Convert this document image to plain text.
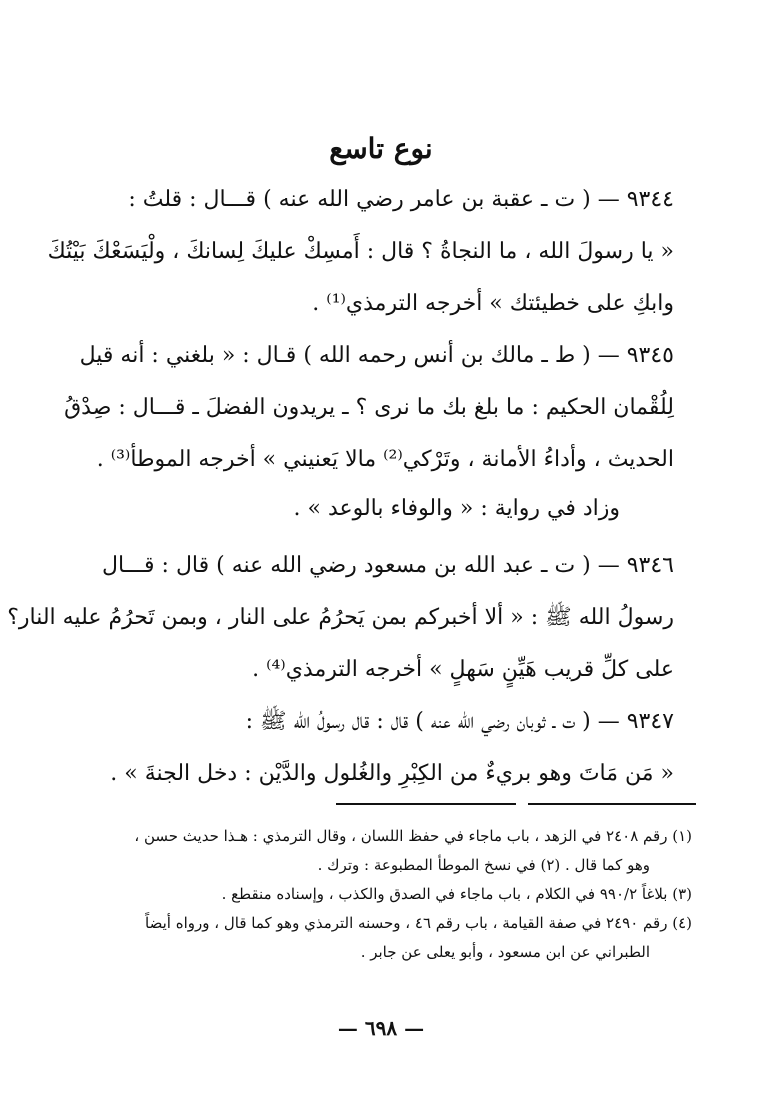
نوع تاسع
٩٣٤٤ — ( ت ـ عقبة بن عامر رضي الله عنه ) قـــال : قلتُ :
« يا رسولَ الله ، ما النجاةُ ؟ قال : أَمسِكْ عليكَ لِسانكَ ، ولْيَسَعْكَ بَيْتُكَ
وابكِ على خطيئتك » أخرجه الترمذي⁽¹⁾ .
٩٣٤٥ — ( ط ـ مالك بن أنس رحمه الله ) قـال : « بلغني : أنه قيل
لِلُقْمان الحكيم : ما بلغ بك ما نرى ؟ ـ يريدون الفضلَ ـ قـــال : صِدْقُ
الحديث ، وأداءُ الأمانة ، وتَرْكي⁽²⁾ مالا يَعنيني » أخرجه الموطأ⁽³⁾ .
وزاد في رواية : « والوفاء بالوعد » .
٩٣٤٦ — ( ت ـ عبد الله بن مسعود رضي الله عنه ) قال : قـــال
رسولُ الله ﷺ : « ألا أخبركم بمن يَحرُمُ على النار ، وبمن تَحرُمُ عليه النار؟
على كلِّ قريب هَيِّنٍ سَهلٍ » أخرجه الترمذي⁽⁴⁾ .
٩٣٤٧ — ( ت ـ ثوبان رضي الله عنه ) قال : قال رسولُ الله ﷺ :
« مَن مَاتَ وهو بريءٌ من الكِبْرِ والغُلول والدَّيْن : دخل الجنةَ » .
(١) رقم ٢٤٠٨ في الزهد ، باب ماجاء في حفظ اللسان ، وقال الترمذي : هـذا حديث حسن ،
وهو كما قال . (٢) في نسخ الموطأ المطبوعة : وترك .
(٣) بلاغاً ٩٩٠/٢ في الكلام ، باب ماجاء في الصدق والكذب ، وإسناده منقطع .
(٤) رقم ٢٤٩٠ في صفة القيامة ، باب رقم ٤٦ ، وحسنه الترمذي وهو كما قال ، ورواه أيضاً
الطبراني عن ابن مسعود ، وأبو يعلى عن جابر .
— ٦٩٨ —
